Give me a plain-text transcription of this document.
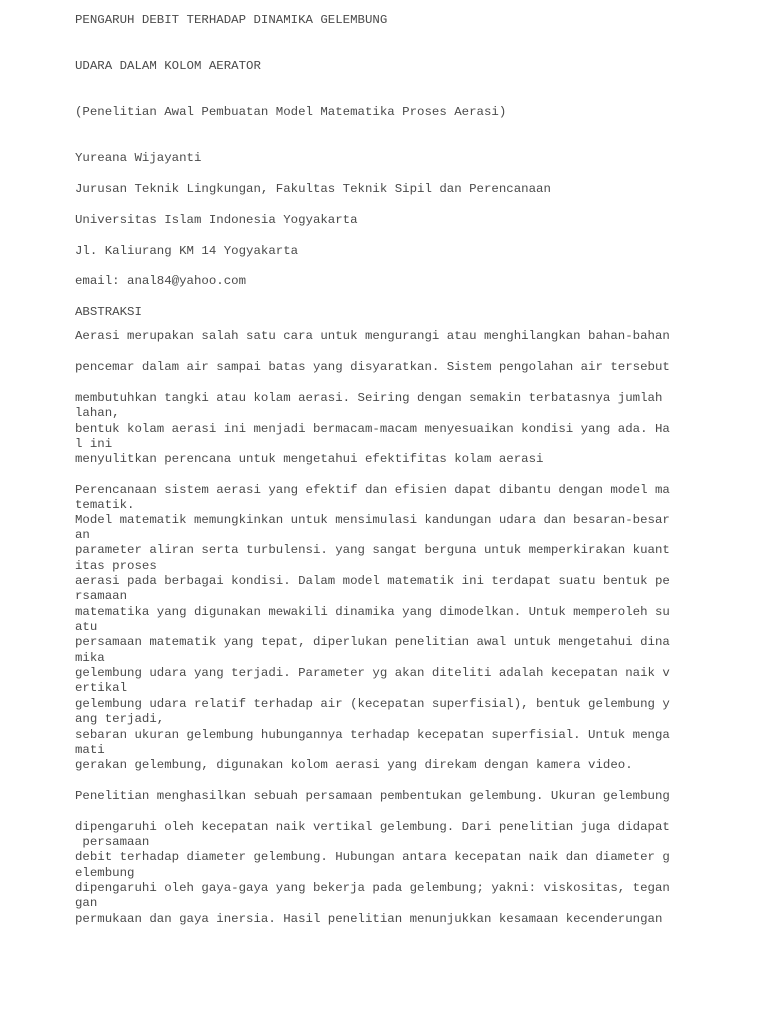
PENGARUH DEBIT TERHADAP DINAMIKA GELEMBUNG
UDARA DALAM KOLOM AERATOR
(Penelitian Awal Pembuatan Model Matematika Proses Aerasi)
Yureana Wijayanti
Jurusan Teknik Lingkungan, Fakultas Teknik Sipil dan Perencanaan
Universitas Islam Indonesia Yogyakarta
Jl. Kaliurang KM 14 Yogyakarta
email: anal84@yahoo.com
ABSTRAKSI
Aerasi merupakan salah satu cara untuk mengurangi atau menghilangkan bahan-bahan
pencemar dalam air sampai batas yang disyaratkan. Sistem pengolahan air tersebut
membutuhkan tangki atau kolam aerasi. Seiring dengan semakin terbatasnya jumlah
lahan,
bentuk kolam aerasi ini menjadi bermacam-macam menyesuaikan kondisi yang ada. Ha
l ini
menyulitkan perencana untuk mengetahui efektifitas kolam aerasi
Perencanaan sistem aerasi yang efektif dan efisien dapat dibantu dengan model ma
tematik.
Model matematik memungkinkan untuk mensimulasi kandungan udara dan besaran-besar
an
parameter aliran serta turbulensi. yang sangat berguna untuk memperkirakan kuant
itas proses
aerasi pada berbagai kondisi. Dalam model matematik ini terdapat suatu bentuk pe
rsamaan
matematika yang digunakan mewakili dinamika yang dimodelkan. Untuk memperoleh su
atu
persamaan matematik yang tepat, diperlukan penelitian awal untuk mengetahui dina
mika
gelembung udara yang terjadi. Parameter yg akan diteliti adalah kecepatan naik v
ertikal
gelembung udara relatif terhadap air (kecepatan superfisial), bentuk gelembung y
ang terjadi,
sebaran ukuran gelembung hubungannya terhadap kecepatan superfisial. Untuk menga
mati
gerakan gelembung, digunakan kolom aerasi yang direkam dengan kamera video.
Penelitian menghasilkan sebuah persamaan pembentukan gelembung. Ukuran gelembung
dipengaruhi oleh kecepatan naik vertikal gelembung. Dari penelitian juga didapat
persamaan
debit terhadap diameter gelembung. Hubungan antara kecepatan naik dan diameter g
elembung
dipengaruhi oleh gaya-gaya yang bekerja pada gelembung; yakni: viskositas, tegan
gan
permukaan dan gaya inersia. Hasil penelitian menunjukkan kesamaan kecenderungan
